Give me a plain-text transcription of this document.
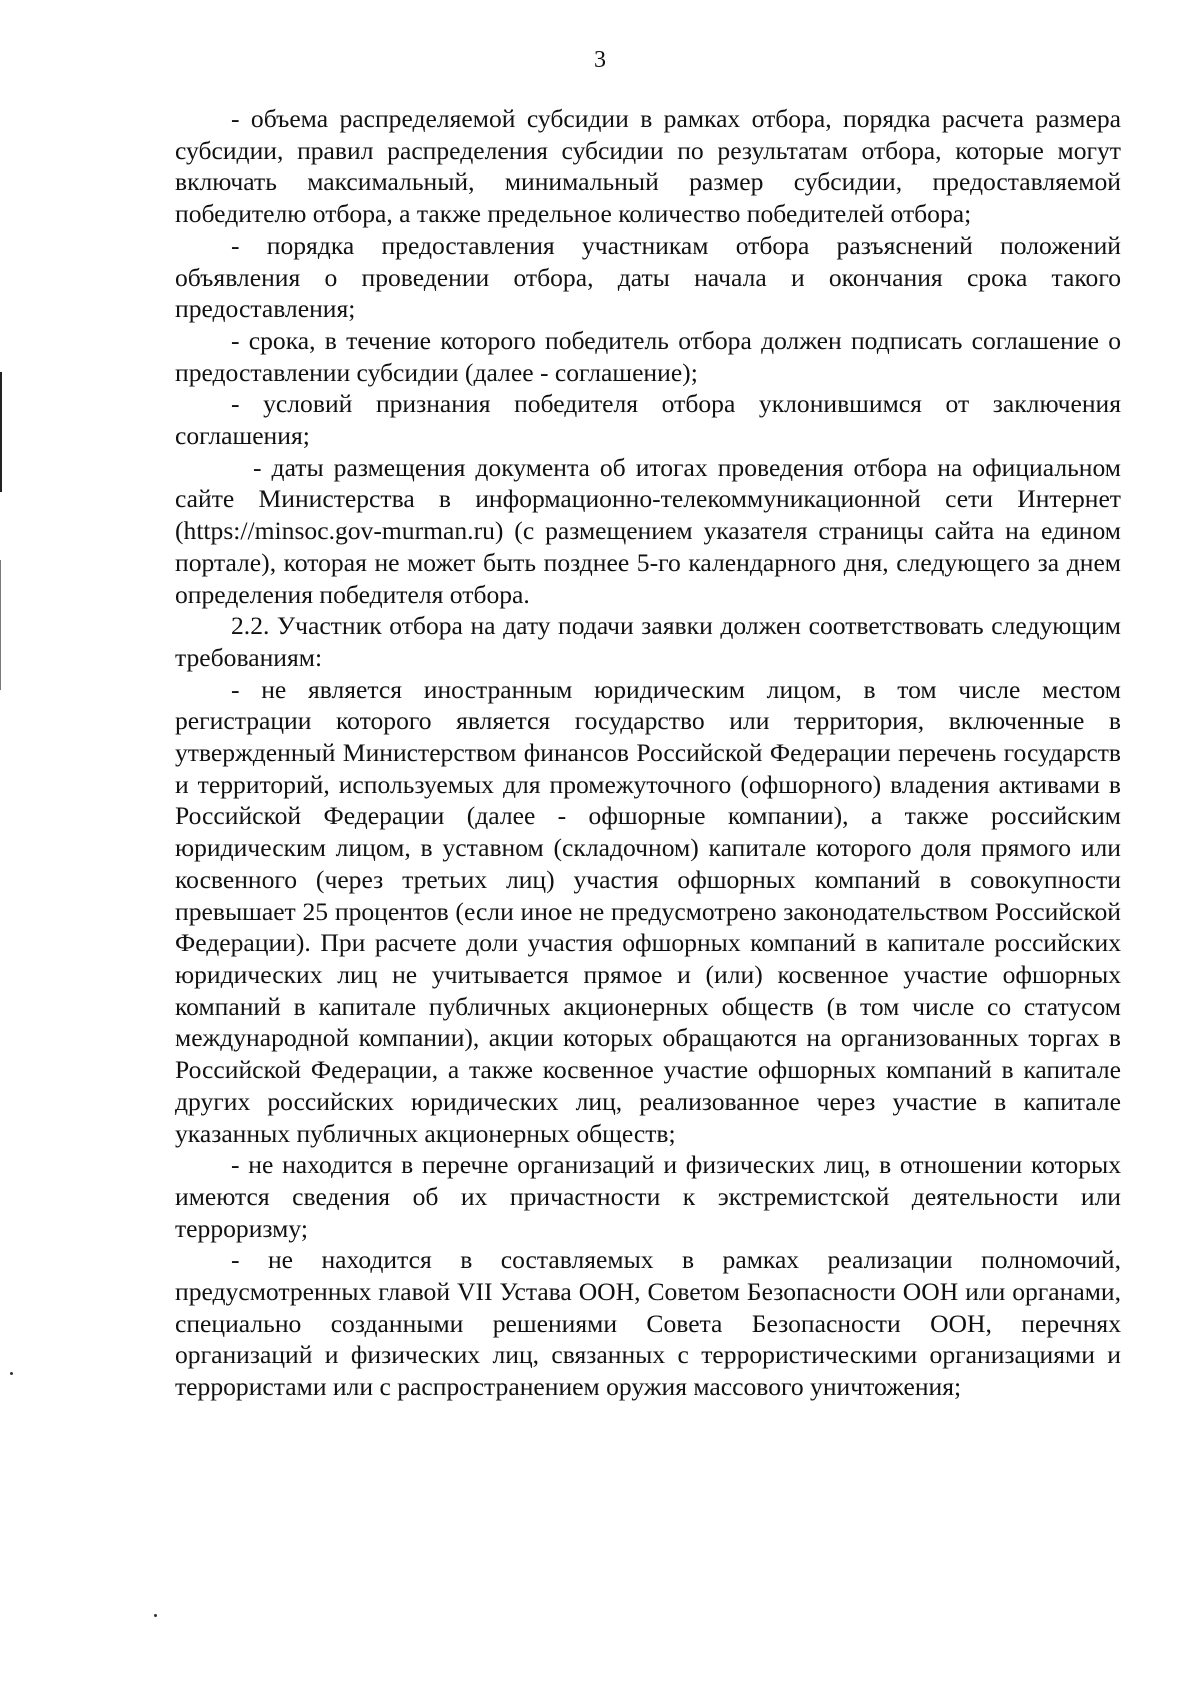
3

- объема распределяемой субсидии в рамках отбора, порядка расчета размера субсидии, правил распределения субсидии по результатам отбора, которые могут включать максимальный, минимальный размер субсидии, предоставляемой победителю отбора, а также предельное количество победителей отбора;

- порядка предоставления участникам отбора разъяснений положений объявления о проведении отбора, даты начала и окончания срока такого предоставления;

- срока, в течение которого победитель отбора должен подписать соглашение о предоставлении субсидии (далее - соглашение);

- условий признания победителя отбора уклонившимся от заключения соглашения;

- даты размещения документа об итогах проведения отбора на официальном сайте Министерства в информационно-телекоммуникационной сети Интернет (https://minsoc.gov-murman.ru) (с размещением указателя страницы сайта на едином портале), которая не может быть позднее 5-го календарного дня, следующего за днем определения победителя отбора.

2.2. Участник отбора на дату подачи заявки должен соответствовать следующим требованиям:

- не является иностранным юридическим лицом, в том числе местом регистрации которого является государство или территория, включенные в утвержденный Министерством финансов Российской Федерации перечень государств и территорий, используемых для промежуточного (офшорного) владения активами в Российской Федерации (далее - офшорные компании), а также российским юридическим лицом, в уставном (складочном) капитале которого доля прямого или косвенного (через третьих лиц) участия офшорных компаний в совокупности превышает 25 процентов (если иное не предусмотрено законодательством Российской Федерации). При расчете доли участия офшорных компаний в капитале российских юридических лиц не учитывается прямое и (или) косвенное участие офшорных компаний в капитале публичных акционерных обществ (в том числе со статусом международной компании), акции которых обращаются на организованных торгах в Российской Федерации, а также косвенное участие офшорных компаний в капитале других российских юридических лиц, реализованное через участие в капитале указанных публичных акционерных обществ;

- не находится в перечне организаций и физических лиц, в отношении которых имеются сведения об их причастности к экстремистской деятельности или терроризму;

- не находится в составляемых в рамках реализации полномочий, предусмотренных главой VII Устава ООН, Советом Безопасности ООН или органами, специально созданными решениями Совета Безопасности ООН, перечнях организаций и физических лиц, связанных с террористическими организациями и террористами или с распространением оружия массового уничтожения;
